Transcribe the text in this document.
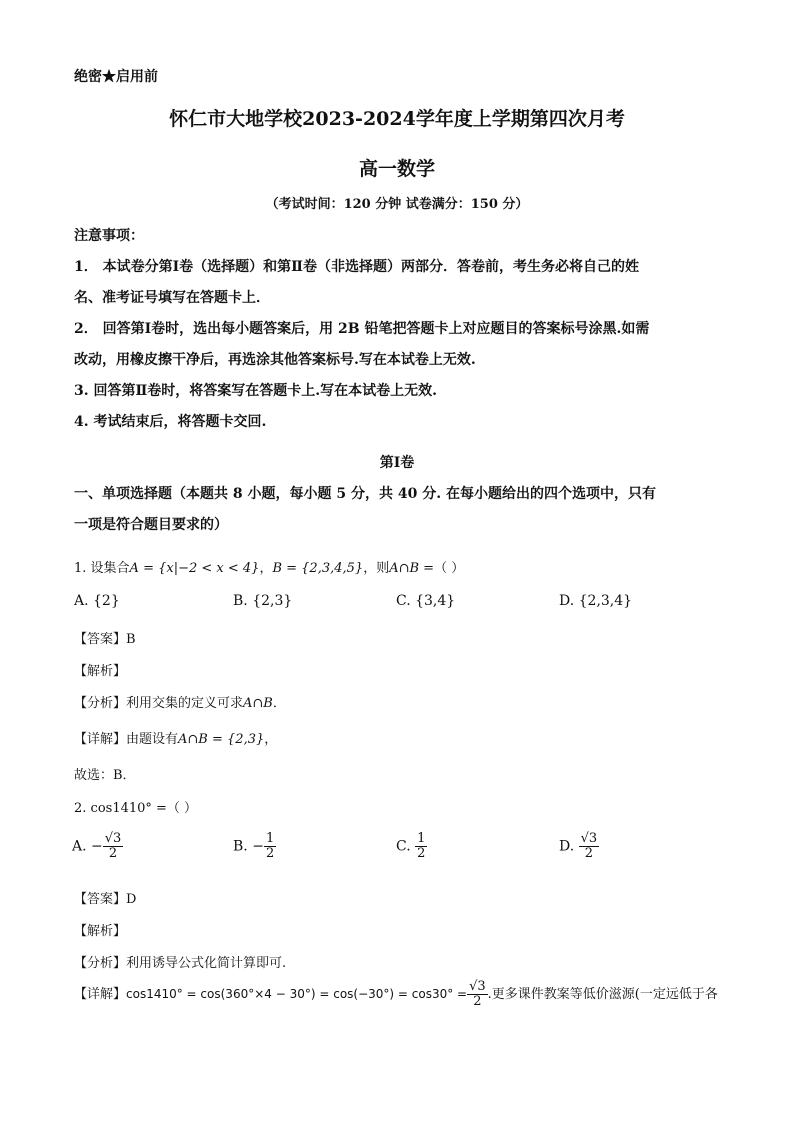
绝密★启用前
怀仁市大地学校2023-2024学年度上学期第四次月考
高一数学
（考试时间：120 分钟 试卷满分：150 分）
注意事项：
1． 本试卷分第Ⅰ卷（选择题）和第Ⅱ卷（非选择题）两部分．答卷前，考生务必将自己的姓
名、准考证号填写在答题卡上．
2． 回答第Ⅰ卷时，选出每小题答案后，用 2B 铅笔把答题卡上对应题目的答案标号涂黑.如需
改动，用橡皮擦干净后，再选涂其他答案标号.写在本试卷上无效.
3. 回答第Ⅱ卷时，将答案写在答题卡上.写在本试卷上无效.
4. 考试结束后，将答题卡交回.
第Ⅰ卷
一、单项选择题（本题共 8 小题，每小题 5 分，共 40 分. 在每小题给出的四个选项中，只有
一项是符合题目要求的）
1. 设集合A = {x|−2 < x < 4}，B = {2,3,4,5}，则A∩B =（ ）
A. {2}	B. {2,3}	C. {3,4}	D. {2,3,4}
【答案】B
【解析】
【分析】利用交集的定义可求A∩B．
【详解】由题设有A∩B = {2,3}，
故选：B．
2. cos1410° =（ ）
A. − $\frac{√3}{2}$	B. − $\frac{1}{2}$	C. $\frac{1}{2}$	D. $\frac{√3}{2}$
【答案】D
【解析】
【分析】利用诱导公式化简计算即可.
【详解】$\cos 1410^\circ = \cos(360^\circ\times 4 - 30^\circ) = \cos(-30^\circ) = \cos 30^\circ = \frac{√3}{2}$ .更多课件教案等低价滋源(一定远低于各
